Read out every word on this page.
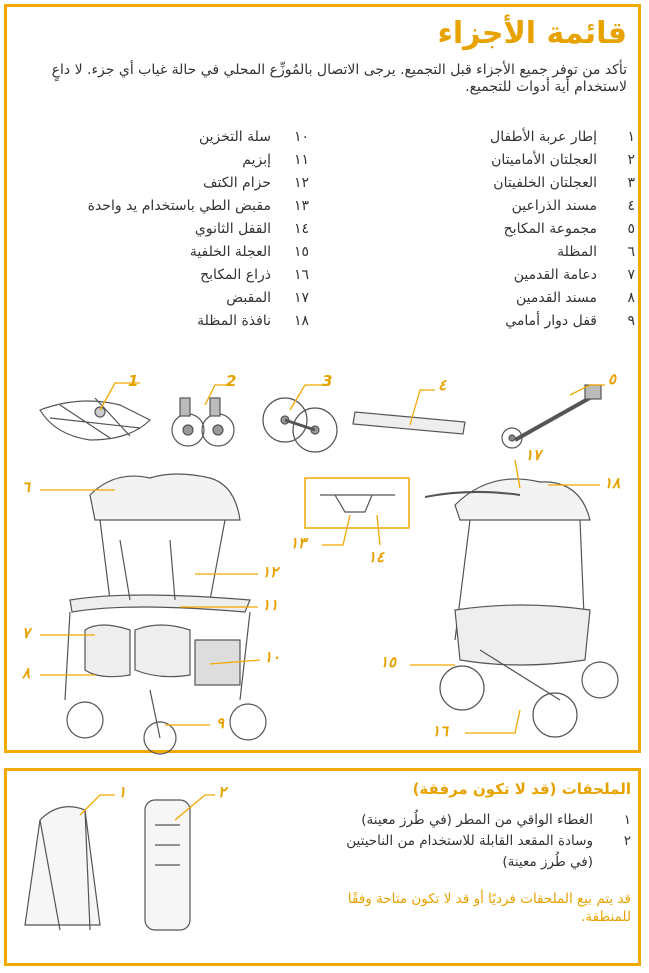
قائمة الأجزاء
تأكد من توفر جميع الأجزاء قبل التجميع. يرجى الاتصال بالمُوزِّع المحلي في حالة غياب أي جزء. لا داعٍ لاستخدام أية أدوات للتجميع.
١
إطار عربة الأطفال
٢
العجلتان الأماميتان
٣
العجلتان الخلفيتان
٤
مسند الذراعين
٥
مجموعة المكابح
٦
المظلة
٧
دعامة القدمين
٨
مسند القدمين
٩
قفل دوار أمامي
١٠
سلة التخزين
١١
إبزيم
١٢
حزام الكتف
١٣
مقبض الطي باستخدام يد واحدة
١٤
القفل الثانوي
١٥
العجلة الخلفية
١٦
ذراع المكابح
١٧
المقبض
١٨
نافذة المظلة
1	2	3	٤	٥
٦
٧
٨
٩
١٠
١١
١٢
١٣
١٤
١٥
١٦
١٧
١٨
١	٢	الملحقات (قد لا تكون مرفقة)
١
الغطاء الواقي من المطر (في طُرز معينة)
٢
وسادة المقعد القابلة للاستخدام من الناحيتين
(في طُرز معينة)
قد يتم بيع الملحقات فرديًا أو قد لا تكون متاحة وفقًا للمنطقة.
